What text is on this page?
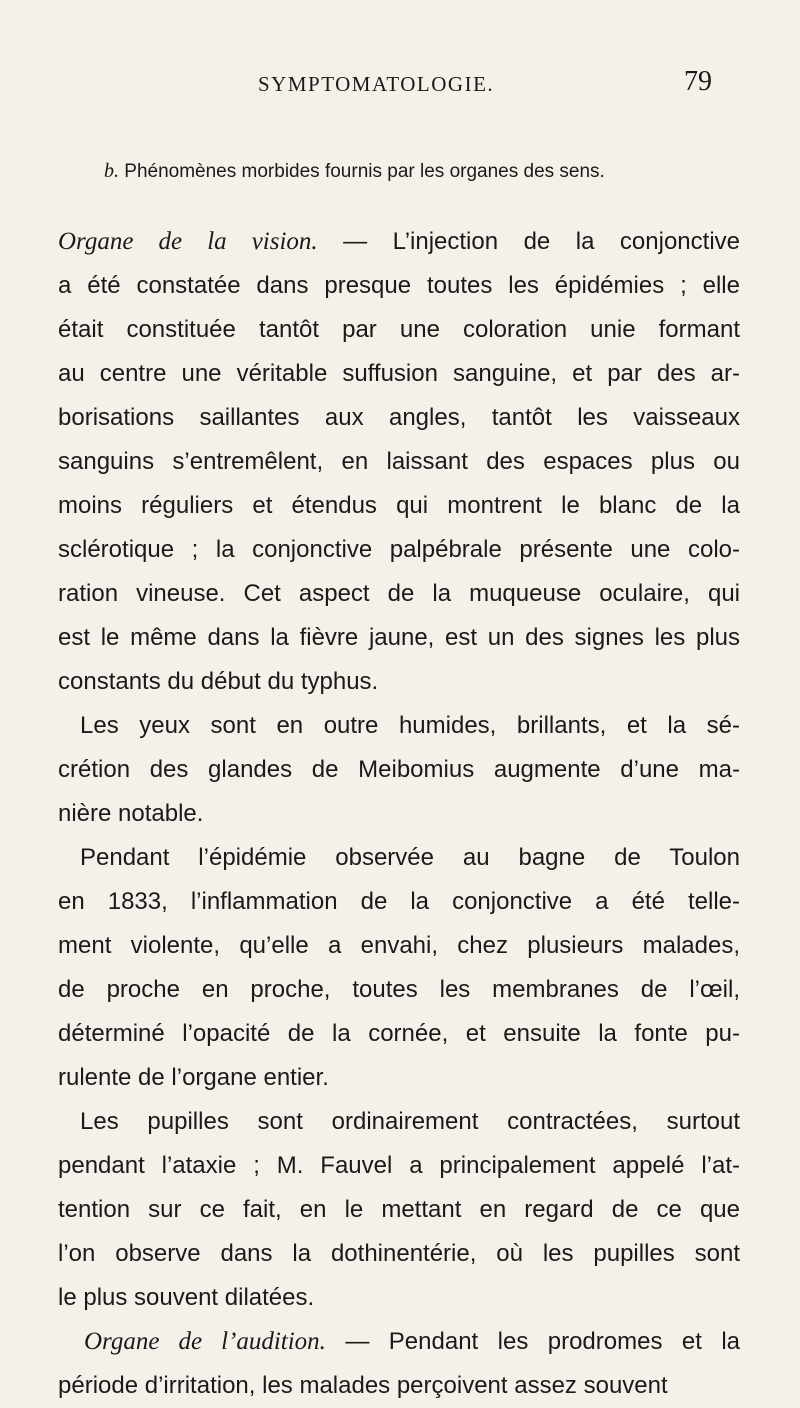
SYMPTOMATOLOGIE.	79
b. Phénomènes morbides fournis par les organes des sens.
Organe de la vision. — L’injection de la conjonctive
a été constatée dans presque toutes les épidémies ; elle
était constituée tantôt par une coloration unie formant
au centre une véritable suffusion sanguine, et par des ar-
borisations saillantes aux angles, tantôt les vaisseaux
sanguins s’entremêlent, en laissant des espaces plus ou
moins réguliers et étendus qui montrent le blanc de la
sclérotique ; la conjonctive palpébrale présente une colo-
ration vineuse. Cet aspect de la muqueuse oculaire, qui
est le même dans la fièvre jaune, est un des signes les plus
constants du début du typhus.
Les yeux sont en outre humides, brillants, et la sé-
crétion des glandes de Meibomius augmente d’une ma-
nière notable.
Pendant l’épidémie observée au bagne de Toulon
en 1833, l’inflammation de la conjonctive a été telle-
ment violente, qu’elle a envahi, chez plusieurs malades,
de proche en proche, toutes les membranes de l’œil,
déterminé l’opacité de la cornée, et ensuite la fonte pu-
rulente de l’organe entier.
Les pupilles sont ordinairement contractées, surtout
pendant l’ataxie ; M. Fauvel a principalement appelé l’at-
tention sur ce fait, en le mettant en regard de ce que
l’on observe dans la dothinentérie, où les pupilles sont
le plus souvent dilatées.
Organe de l’audition. — Pendant les prodromes et la
période d’irritation, les malades perçoivent assez souvent
